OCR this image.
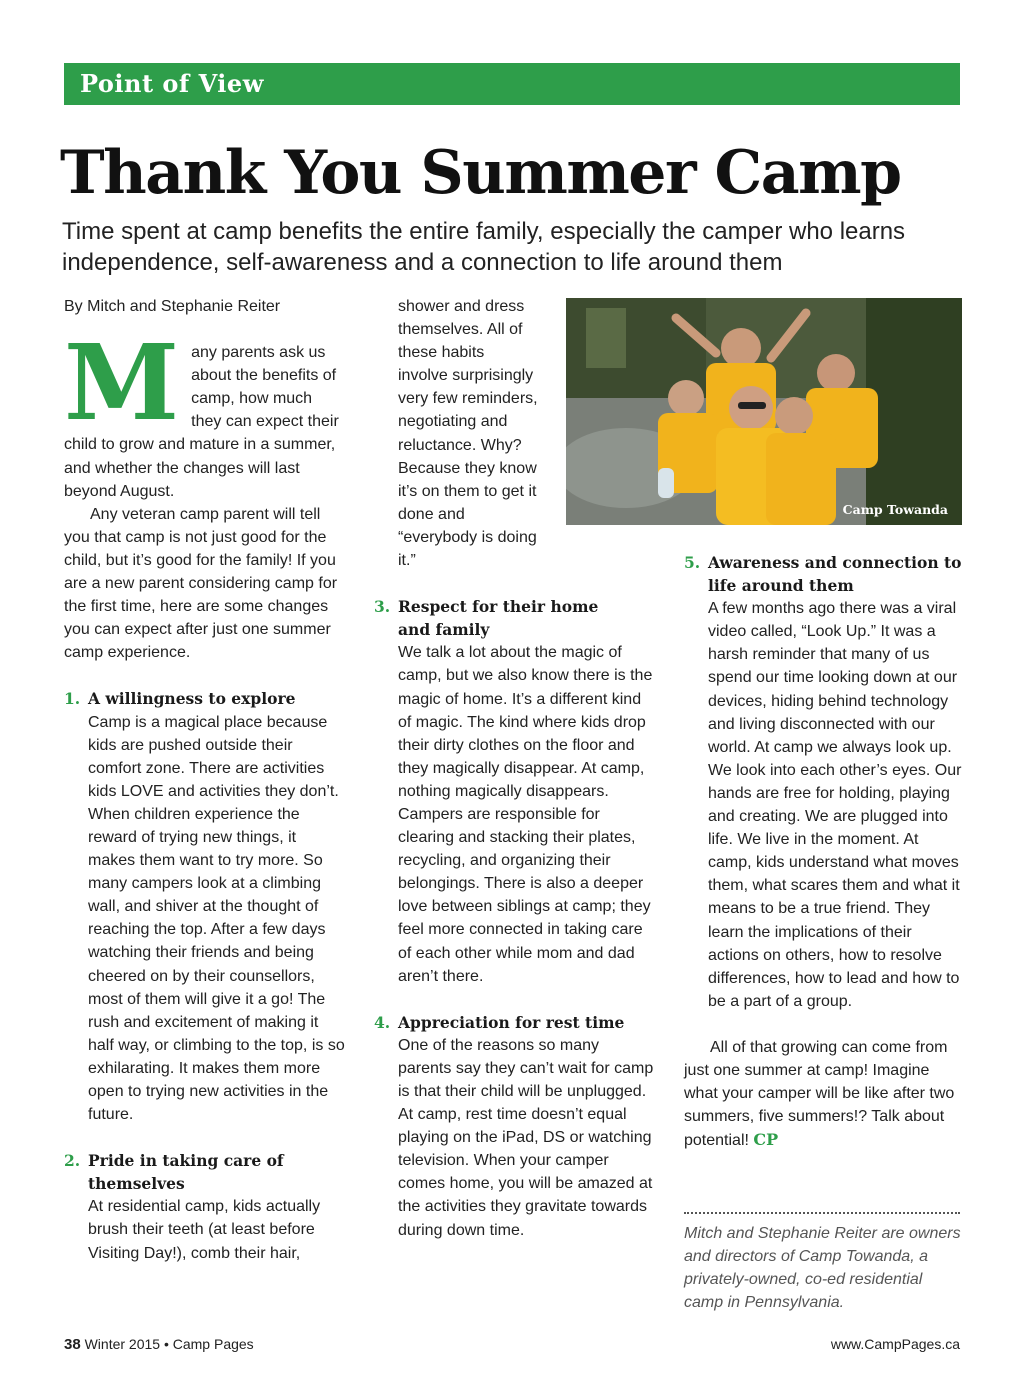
Point of View
Thank You Summer Camp
Time spent at camp benefits the entire family, especially the camper who learns independence, self-awareness and a connection to life around them

By Mitch and Stephanie Reiter

M any parents ask us about the benefits of camp, how much they can expect their child to grow and mature in a summer, and whether the changes will last beyond August.

Any veteran camp parent will tell you that camp is not just good for the child, but it’s good for the family! If you are a new parent considering camp for the first time, here are some changes you can expect after just one summer camp experience.

1. A willingness to explore

Camp is a magical place because kids are pushed outside their comfort zone. There are activities kids LOVE and activities they don’t. When children experience the reward of trying new things, it makes them want to try more. So many campers look at a climbing wall, and shiver at the thought of reaching the top. After a few days watching their friends and being cheered on by their counsellors, most of them will give it a go! The rush and excitement of making it half way, or climbing to the top, is so exhilarating. It makes them more open to trying new activities in the future.

2. Pride in taking care of themselves

At residential camp, kids actually brush their teeth (at least before Visiting Day!), comb their hair,

shower and dress themselves. All of these habits involve surprisingly very few reminders, negotiating and reluctance. Why? Because they know it’s on them to get it done and “everybody is doing it.”

3. Respect for their home and family

We talk a lot about the magic of camp, but we also know there is the magic of home. It’s a different kind of magic. The kind where kids drop their dirty clothes on the floor and they magically disappear. At camp, nothing magically disappears. Campers are responsible for clearing and stacking their plates, recycling, and organizing their belongings. There is also a deeper love between siblings at camp; they feel more connected in taking care of each other while mom and dad aren’t there.

4. Appreciation for rest time

One of the reasons so many parents say they can’t wait for camp is that their child will be unplugged. At camp, rest time doesn’t equal playing on the iPad, DS or watching television. When your camper comes home, you will be amazed at the activities they gravitate towards during down time.

Camp Towanda
5. Awareness and connection to life around them

A few months ago there was a viral video called, “Look Up.” It was a harsh reminder that many of us spend our time looking down at our devices, hiding behind technology and living disconnected with our world. At camp we always look up. We look into each other’s eyes. Our hands are free for holding, playing and creating. We are plugged into life. We live in the moment. At camp, kids understand what moves them, what scares them and what it means to be a true friend. They learn the implications of their actions on others, how to resolve differences, how to lead and how to be a part of a group.

All of that growing can come from just one summer at camp! Imagine what your camper will be like after two summers, five summers!? Talk about potential! CP

Mitch and Stephanie Reiter are owners and directors of Camp Towanda, a privately-owned, co-ed residential camp in Pennsylvania.
38 Winter 2015 • Camp Pages	www.CampPages.ca
